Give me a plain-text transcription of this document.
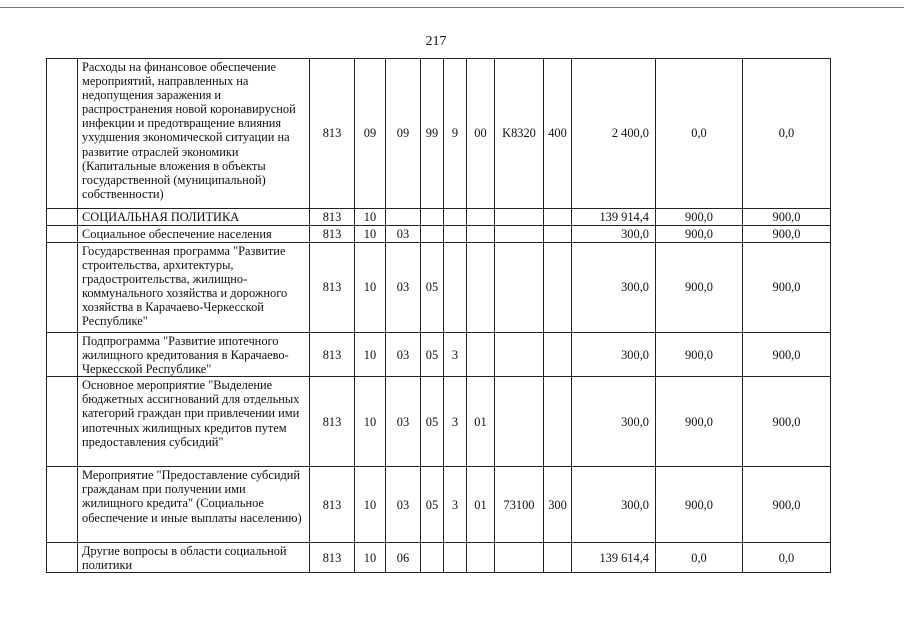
217
	Расходы на финансовое обеспечение мероприятий, направленных на недопущения заражения и распространения новой коронавирусной инфекции и предотвращение влияния ухудшения экономической ситуации на развитие отраслей экономики (Капитальные вложения в объекты государственной (муниципальной) собственности)	813	09	09	99	9	00	K8320	400	2 400,0	0,0	0,0
	СОЦИАЛЬНАЯ ПОЛИТИКА	813	10							139 914,4	900,0	900,0
	Социальное обеспечение населения	813	10	03						300,0	900,0	900,0
	Государственная программа "Развитие строительства, архитектуры, градостроительства, жилищно-коммунального хозяйства и дорожного хозяйства в Карачаево-Черкесской Республике"	813	10	03	05					300,0	900,0	900,0
	Подпрограмма "Развитие ипотечного жилищного кредитования в Карачаево-Черкесской Республике"	813	10	03	05	3				300,0	900,0	900,0
	Основное мероприятие "Выделение бюджетных ассигнований для отдельных категорий граждан при привлечении ими ипотечных жилищных кредитов путем предоставления субсидий"	813	10	03	05	3	01			300,0	900,0	900,0
	Мероприятие "Предоставление субсидий гражданам при получении ими жилищного кредита" (Социальное обеспечение и иные выплаты населению)	813	10	03	05	3	01	73100	300	300,0	900,0	900,0
	Другие вопросы в области социальной политики	813	10	06						139 614,4	0,0	0,0
